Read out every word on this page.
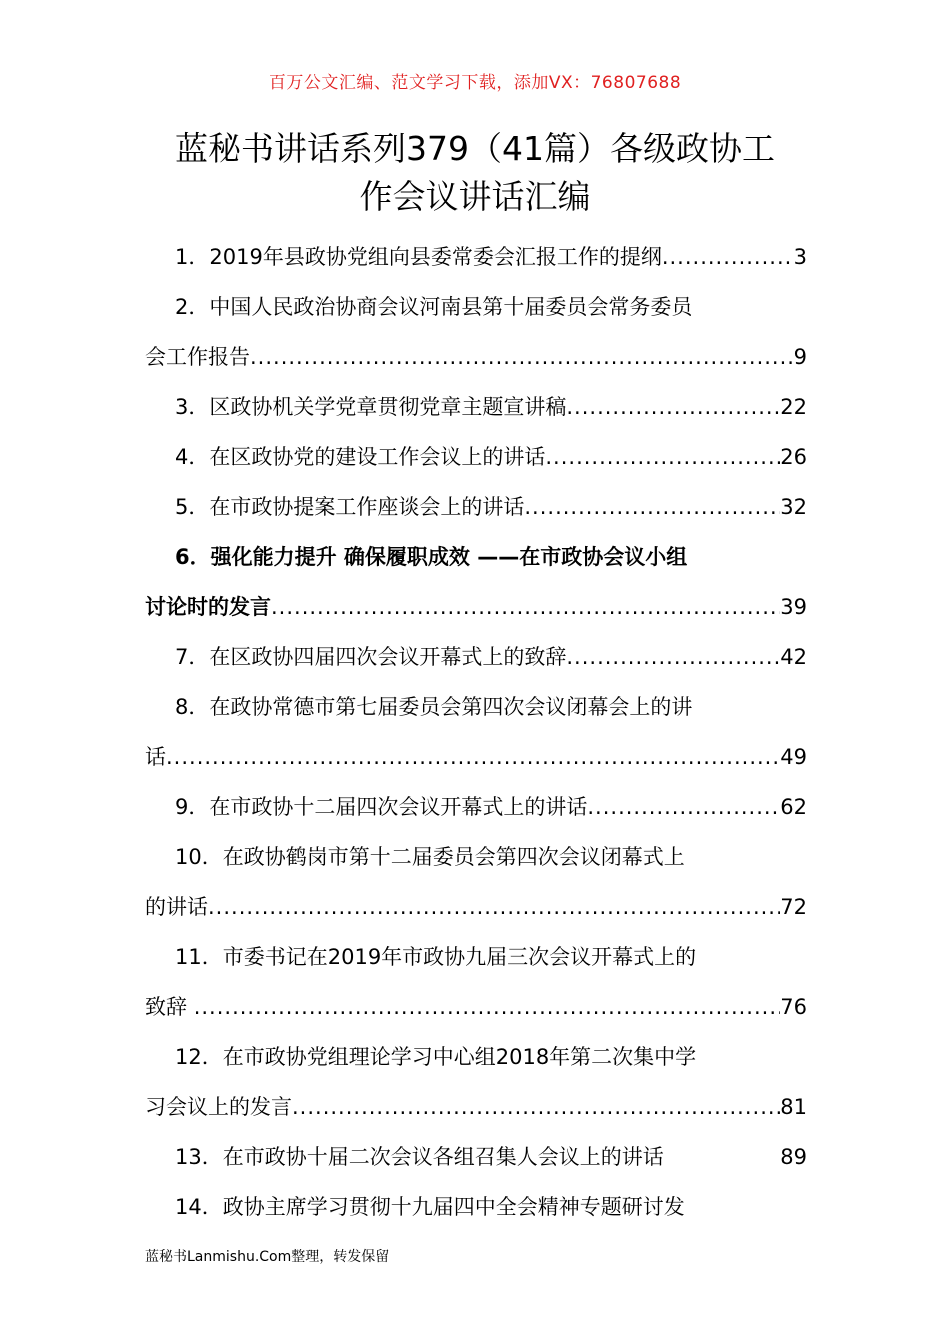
百万公文汇编、范文学习下载，添加VX：76807688
蓝秘书讲话系列379（41篇）各级政协工
作会议讲话汇编
1．2019年县政协党组向县委常委会汇报工作的提纲 .....	3
2．中国人民政治协商会议河南县第十届委员会常务委员
会工作报告 .....	9
3．区政协机关学党章贯彻党章主题宣讲稿 .....	22
4．在区政协党的建设工作会议上的讲话 .....	26
5．在市政协提案工作座谈会上的讲话 .....	32
6．强化能力提升 确保履职成效 ——在市政协会议小组
讨论时的发言 .....	39
7．在区政协四届四次会议开幕式上的致辞 .....	42
8．在政协常德市第七届委员会第四次会议闭幕会上的讲
话 .....	49
9．在市政协十二届四次会议开幕式上的讲话 .....	62
10．在政协鹤岗市第十二届委员会第四次会议闭幕式上
的讲话 .....	72
11．市委书记在2019年市政协九届三次会议开幕式上的
致辞 .....	76
12．在市政协党组理论学习中心组2018年第二次集中学
习会议上的发言 .....	81
13． 在市政协十届二次会议各组召集人会议上的讲话	89
14．政协主席学习贯彻十九届四中全会精神专题研讨发
蓝秘书Lanmishu.Com整理，转发保留
